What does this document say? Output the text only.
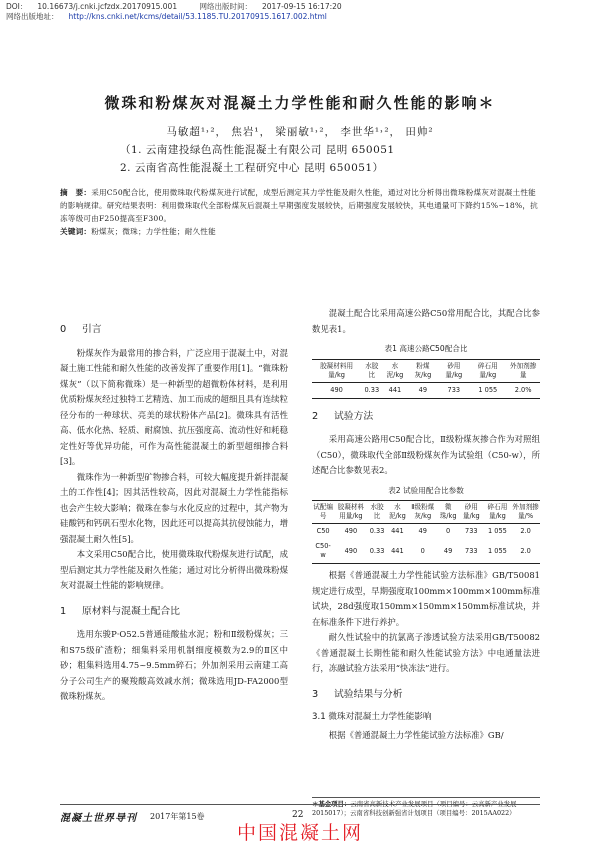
DOI： 10.16673/j.cnki.jcfzdx.20170915.001	网络出版时间： 2017-09-15 16:17:20
网络出版地址： http://kns.cnki.net/kcms/detail/53.1185.TU.20170915.1617.002.html
微珠和粉煤灰对混凝土力学性能和耐久性能的影响＊
马敏超¹˒²， 焦岩¹， 梁丽敏¹˒²， 李世华¹˒²， 田帅²
（1. 云南建投绿色高性能混凝土有限公司 昆明 650051
2. 云南省高性能混凝土工程研究中心 昆明 650051）
摘　要：采用C50配合比，使用微珠取代粉煤灰进行试配，成型后测定其力学性能及耐久性能，通过对比分析得出微珠粉煤灰对混凝土性能的影响规律。研究结果表明：利用微珠取代全部粉煤灰后混凝土早期强度发展较快，后期强度发展较快，其电通量可下降约15%~18%，抗冻等级可由F250提高至F300。
关键词：粉煤灰；微珠；力学性能；耐久性能
0 引言

粉煤灰作为最常用的掺合料，广泛应用于混凝土中，对混凝土施工性能和耐久性能的改善发挥了重要作用[1]。“微珠粉煤灰”（以下简称微珠）是一种新型的超微粉体材料，是利用优质粉煤灰经过独特工艺精选、加工而成的超细且具有连续粒径分布的一种球状、亮美的球状粉体产品[2]。微珠具有活性高、低水化热、轻质、耐腐蚀、抗压强度高、流动性好和耗稳定性好等优异功能，可作为高性能混凝土的新型超细掺合料[3]。

微珠作为一种新型矿物掺合料，可较大幅度提升新拌混凝土的工作性[4]；因其活性较高，因此对混凝土力学性能指标也会产生较大影响；微珠在参与水化反应的过程中，其产物为硅酸钙和钙矾石型水化物，因此还可以提高其抗侵蚀能力，增强混凝土耐久性[5]。

本文采用C50配合比，使用微珠取代粉煤灰进行试配，成型后测定其力学性能及耐久性能；通过对比分析得出微珠粉煤灰对混凝土性能的影响规律。

1 原材料与混凝土配合比

选用东骏P·O52.5普通硅酸盐水泥；粉和Ⅱ级粉煤灰；三和S75级矿渣粉；细集料采用机制细度模数为2.9的Ⅱ区中砂；粗集料选用4.75~9.5mm碎石；外加剂采用云南建工高分子公司生产的聚羧酸高效减水剂；微珠选用JD-FA2000型微珠粉煤灰。

混凝土配合比采用高速公路C50常用配合比，其配合比参数见表1。

表1 高速公路C50配合比
胶凝材料用量/kg	水胶比	水泥/kg	粉煤灰/kg	砂用量/kg	碎石用量/kg	外加剂掺量
490	0.33	441	49	733	1 055	2.0%
2 试验方法

采用高速公路用C50配合比，Ⅱ级粉煤灰掺合作为对照组（C50），微珠取代全部Ⅱ级粉煤灰作为试验组（C50-w），所述配合比参数见表2。

表2 试验用配合比参数
试配编号	胶凝材料用量/kg	水胶比	水泥/kg	Ⅱ级粉煤灰/kg	微珠/kg	砂用量/kg	碎石用量/kg	外加剂掺量/%
C50	490	0.33	441	49	0	733	1 055	2.0
C50-w	490	0.33	441	0	49	733	1 055	2.0

根据《普通混凝土力学性能试验方法标准》GB/T50081规定进行成型，早期强度取100mm×100mm×100mm标准试块，28d强度取150mm×150mm×150mm标准试块，并在标准条件下进行养护。

耐久性试验中的抗氯离子渗透试验方法采用GB/T50082《普通混凝土长期性能和耐久性能试验方法》中电通量法进行，冻融试验方法采用“快冻法”进行。

3 试验结果与分析
3.1 微珠对混凝土力学性能影响

根据《普通混凝土力学性能试验方法标准》GB/

＊基金项目：云南省高新技术产业发展项目（项目编号：云高新产业发展2015017）；云南省科技创新强省计划项目（项目编号：2015AA022）
混凝土世界导刊 2017年第15卷	22
中国混凝土网
